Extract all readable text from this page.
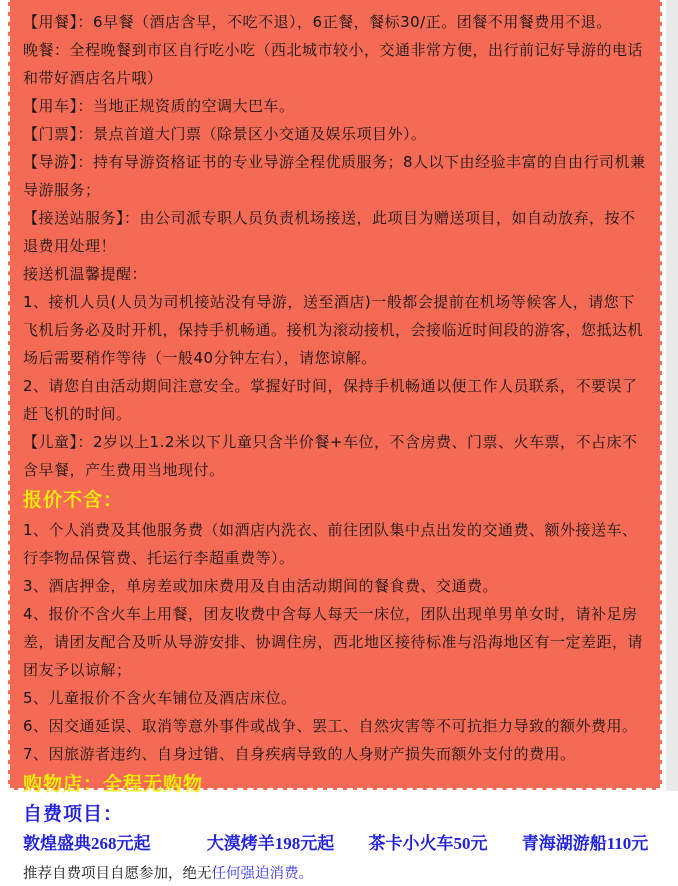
【用餐】：6早餐（酒店含早，不吃不退），6正餐，餐标30/正。团餐不用餐费用不退。

晚餐：全程晚餐到市区自行吃小吃（西北城市较小，交通非常方便，出行前记好导游的电话和带好酒店名片哦）

【用车】：当地正规资质的空调大巴车。

【门票】：景点首道大门票（除景区小交通及娱乐项目外）。

【导游】：持有导游资格证书的专业导游全程优质服务；8人以下由经验丰富的自由行司机兼导游服务；

【接送站服务】：由公司派专职人员负责机场接送，此项目为赠送项目，如自动放弃，按不退费用处理！

接送机温馨提醒：

1、接机人员(人员为司机接站没有导游，送至酒店)一般都会提前在机场等候客人，请您下飞机后务必及时开机，保持手机畅通。接机为滚动接机，会接临近时间段的游客，您抵达机场后需要稍作等待（一般40分钟左右），请您谅解。

2、请您自由活动期间注意安全。掌握好时间，保持手机畅通以便工作人员联系，不要误了赶飞机的时间。

【儿童】：2岁以上1.2米以下儿童只含半价餐+车位，不含房费、门票、火车票，不占床不含早餐，产生费用当地现付。

报价不含：

1、个人消费及其他服务费（如酒店内洗衣、前往团队集中点出发的交通费、额外接送车、行李物品保管费、托运行李超重费等）。

3、酒店押金，单房差或加床费用及自由活动期间的餐食费、交通费。

4、报价不含火车上用餐，团友收费中含每人每天一床位，团队出现单男单女时，请补足房差，请团友配合及听从导游安排、协调住房，西北地区接待标准与沿海地区有一定差距，请团友予以谅解；

5、儿童报价不含火车铺位及酒店床位。

6、因交通延误、取消等意外事件或战争、罢工、自然灾害等不可抗拒力导致的额外费用。

7、因旅游者违约、自身过错、自身疾病导致的人身财产损失而额外支付的费用。

购物店：全程无购物

自费项目：

敦煌盛典268元起	大漠烤羊198元起 茶卡小火车50元 青海湖游船110元

推荐自费项目自愿参加，绝无任何强迫消费。
